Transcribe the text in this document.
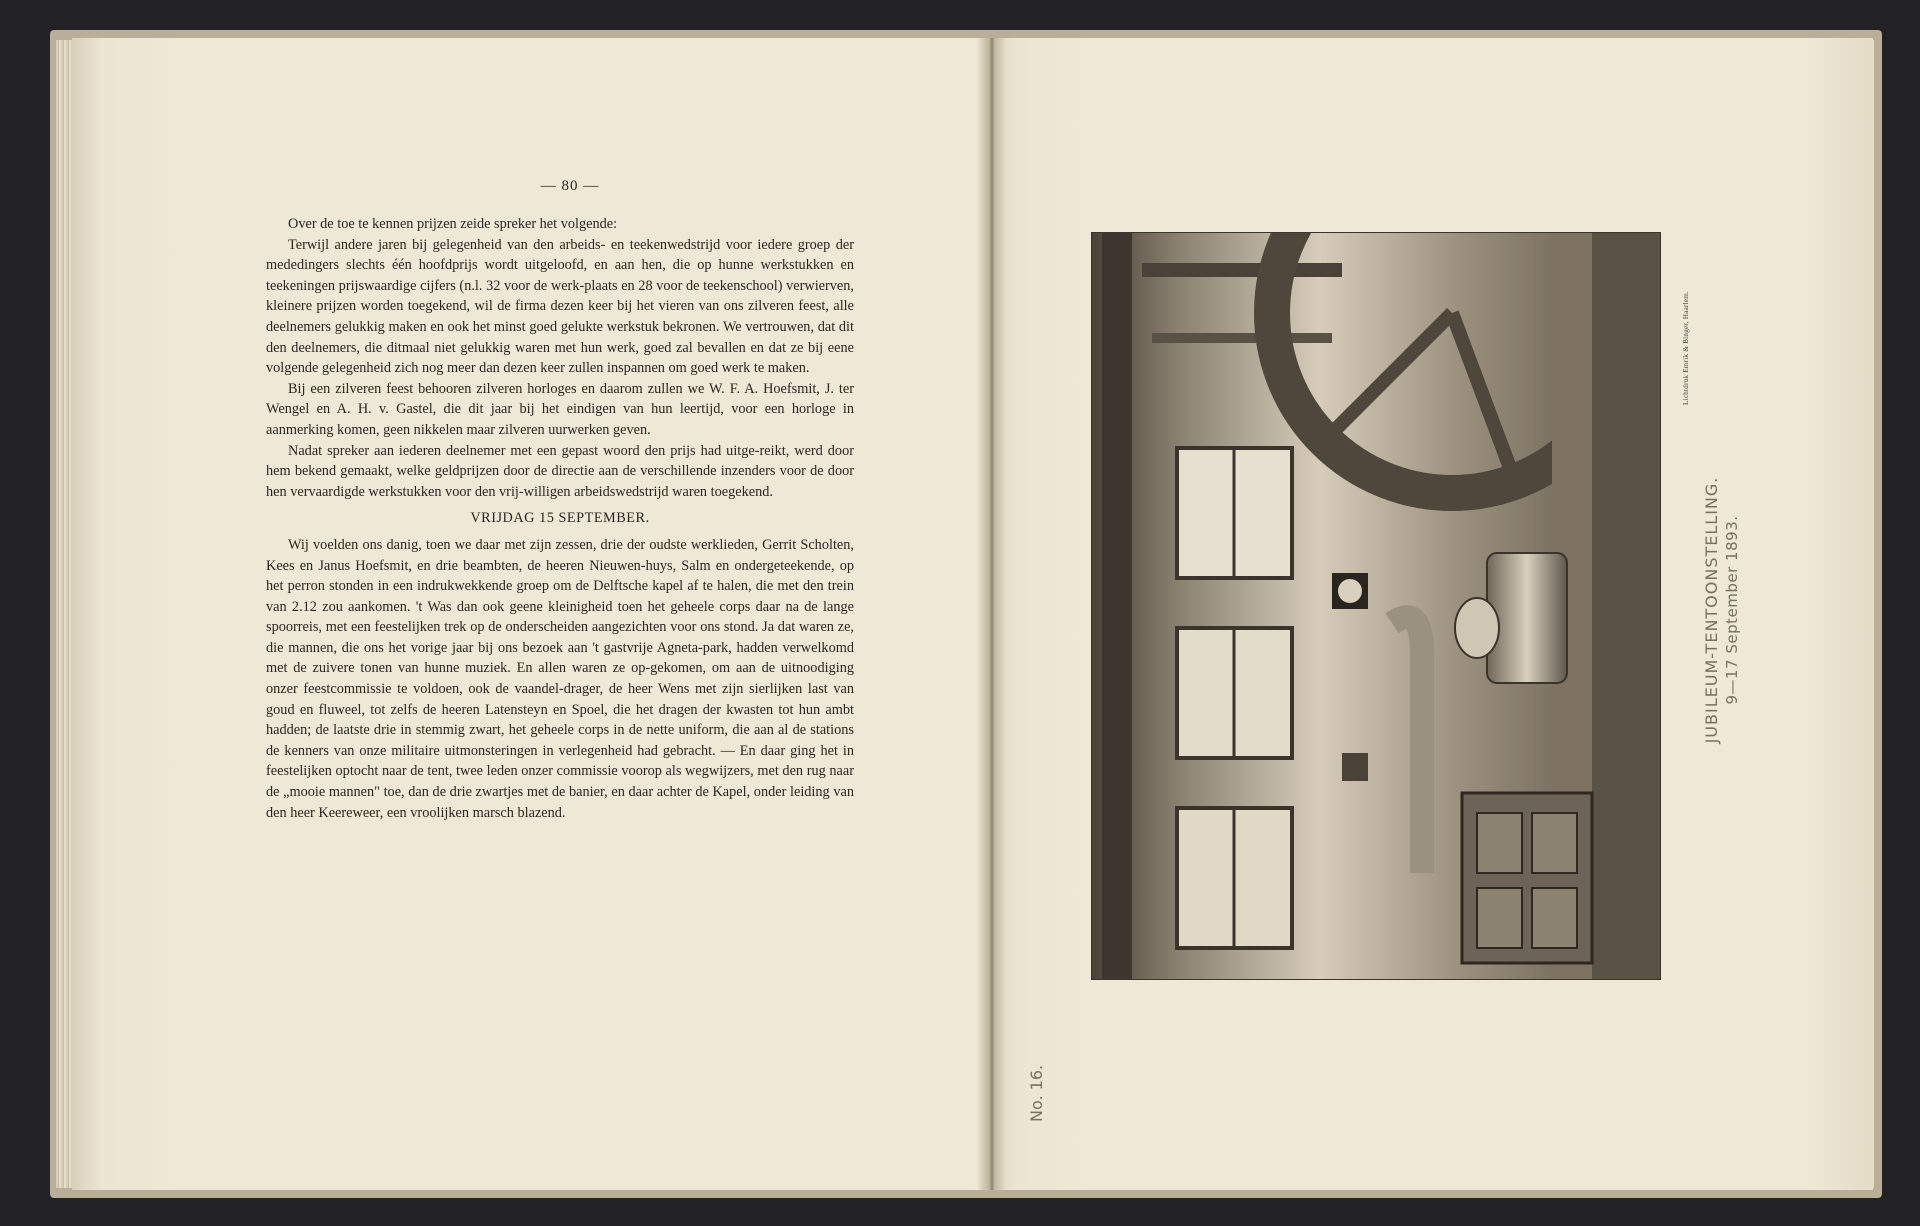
— 80 —

Over de toe te kennen prijzen zeide spreker het volgende:

Terwijl andere jaren bij gelegenheid van den arbeids- en teekenwedstrijd voor iedere groep der mededingers slechts één hoofdprijs wordt uitgeloofd, en aan hen, die op hunne werkstukken en teekeningen prijswaardige cijfers (n.l. 32 voor de werk-plaats en 28 voor de teekenschool) verwierven, kleinere prijzen worden toegekend, wil de firma dezen keer bij het vieren van ons zilveren feest, alle deelnemers gelukkig maken en ook het minst goed gelukte werkstuk bekronen. We vertrouwen, dat dit den deelnemers, die ditmaal niet gelukkig waren met hun werk, goed zal bevallen en dat ze bij eene volgende gelegenheid zich nog meer dan dezen keer zullen inspannen om goed werk te maken.

Bij een zilveren feest behooren zilveren horloges en daarom zullen we W. F. A. Hoefsmit, J. ter Wengel en A. H. v. Gastel, die dit jaar bij het eindigen van hun leertijd, voor een horloge in aanmerking komen, geen nikkelen maar zilveren uurwerken geven.

Nadat spreker aan iederen deelnemer met een gepast woord den prijs had uitge-reikt, werd door hem bekend gemaakt, welke geldprijzen door de directie aan de verschillende inzenders voor de door hen vervaardigde werkstukken voor den vrij-willigen arbeidswedstrijd waren toegekend.

VRIJDAG 15 SEPTEMBER.

Wij voelden ons danig, toen we daar met zijn zessen, drie der oudste werklieden, Gerrit Scholten, Kees en Janus Hoefsmit, en drie beambten, de heeren Nieuwen-huys, Salm en ondergeteekende, op het perron stonden in een indrukwekkende groep om de Delftsche kapel af te halen, die met den trein van 2.12 zou aankomen. 't Was dan ook geene kleinigheid toen het geheele corps daar na de lange spoorreis, met een feestelijken trek op de onderscheiden aangezichten voor ons stond. Ja dat waren ze, die mannen, die ons het vorige jaar bij ons bezoek aan 't gastvrije Agneta-park, hadden verwelkomd met de zuivere tonen van hunne muziek. En allen waren ze op-gekomen, om aan de uitnoodiging onzer feestcommissie te voldoen, ook de vaandel-drager, de heer Wens met zijn sierlijken last van goud en fluweel, tot zelfs de heeren Latensteyn en Spoel, die het dragen der kwasten tot hun ambt hadden; de laatste drie in stemmig zwart, het geheele corps in de nette uniform, die aan al de stations de kenners van onze militaire uitmonsteringen in verlegenheid had gebracht. — En daar ging het in feestelijken optocht naar de tent, twee leden onzer commissie voorop als wegwijzers, met den rug naar de „mooie mannen" toe, dan de drie zwartjes met de banier, en daar achter de Kapel, onder leiding van den heer Keereweer, een vroolijken marsch blazend.

Lichtdruk Emrik & Binger, Haarlem.
JUBILEUM-TENTOONSTELLING. 9—17 September 1893.
No. 16.
